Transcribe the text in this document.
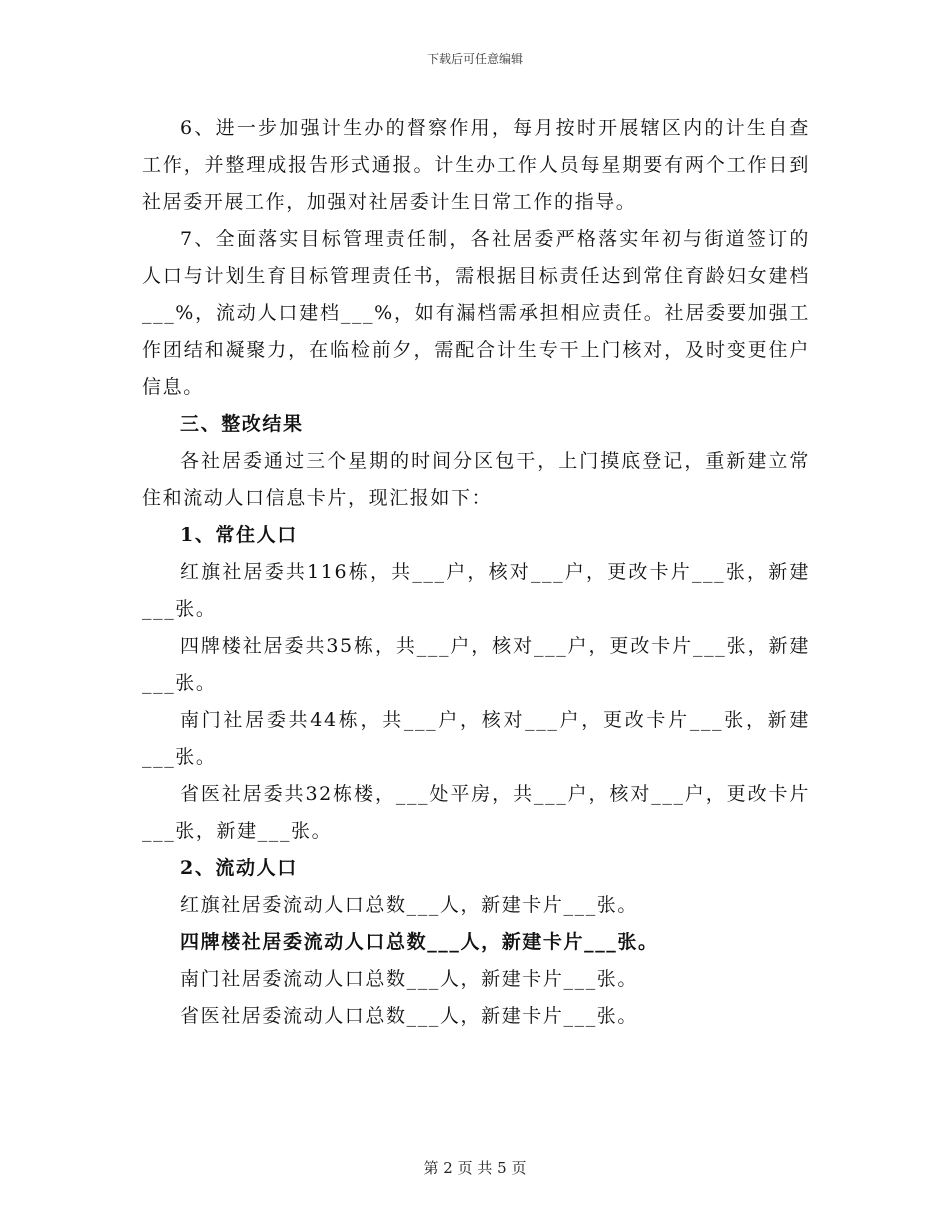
下载后可任意编辑

6、进一步加强计生办的督察作用，每月按时开展辖区内的计生自查工作，并整理成报告形式通报。计生办工作人员每星期要有两个工作日到社居委开展工作，加强对社居委计生日常工作的指导。

7、全面落实目标管理责任制，各社居委严格落实年初与街道签订的人口与计划生育目标管理责任书，需根据目标责任达到常住育龄妇女建档___%，流动人口建档___%，如有漏档需承担相应责任。社居委要加强工作团结和凝聚力，在临检前夕，需配合计生专干上门核对，及时变更住户信息。

三、整改结果

各社居委通过三个星期的时间分区包干，上门摸底登记，重新建立常住和流动人口信息卡片，现汇报如下：

1、常住人口

红旗社居委共116栋，共___户，核对___户，更改卡片___张，新建___张。

四牌楼社居委共35栋，共___户，核对___户，更改卡片___张，新建___张。

南门社居委共44栋，共___户，核对___户，更改卡片___张，新建___张。

省医社居委共32栋楼，___处平房，共___户，核对___户，更改卡片___张，新建___张。

2、流动人口

红旗社居委流动人口总数___人，新建卡片___张。

四牌楼社居委流动人口总数___人，新建卡片___张。

南门社居委流动人口总数___人，新建卡片___张。

省医社居委流动人口总数___人，新建卡片___张。

第 2 页 共 5 页
